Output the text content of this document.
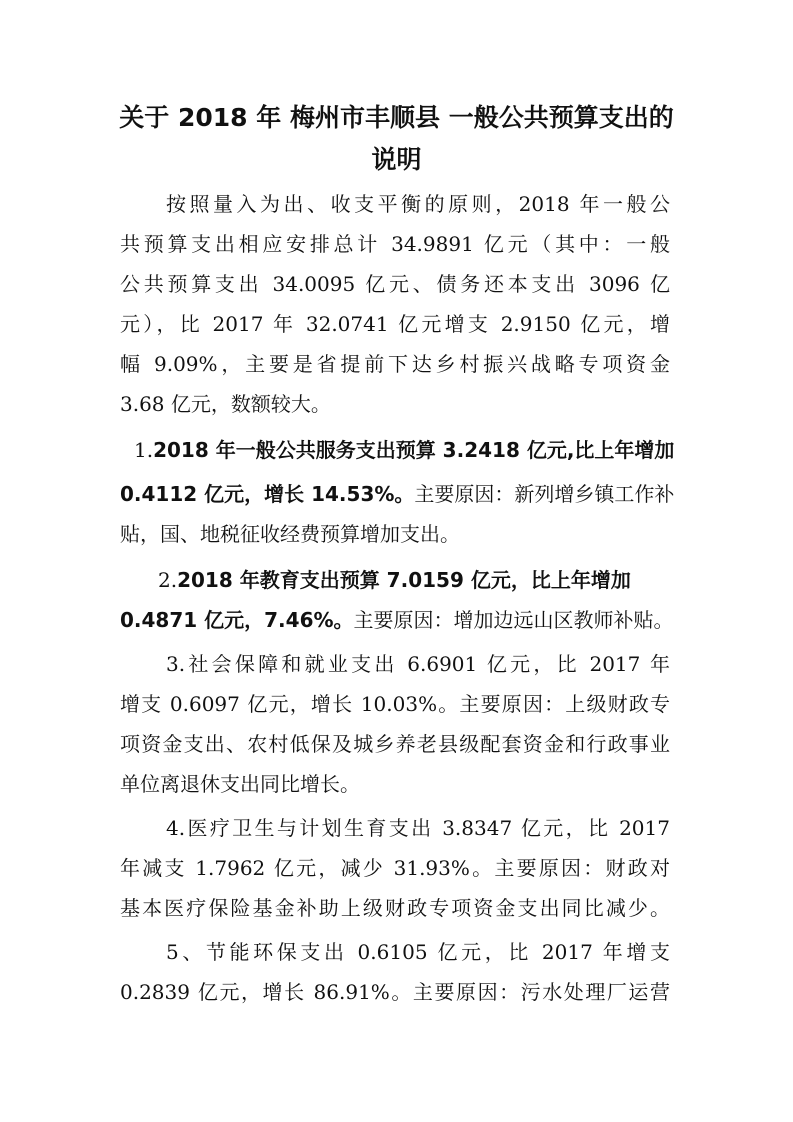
关于 2018 年 梅州市丰顺县 一般公共预算支出的
说明
按照量入为出、收支平衡的原则，2018 年一般公
共预算支出相应安排总计 34.9891 亿元（其中：一般
公共预算支出 34.0095 亿元、债务还本支出 3096 亿
元），比 2017 年 32.0741 亿元增支 2.9150 亿元，增
幅 9.09%，主要是省提前下达乡村振兴战略专项资金
3.68 亿元，数额较大。
1.2018 年一般公共服务支出预算 3.2418 亿元,比上年增加
0.4112 亿元，增长 14.53%。主要原因：新列增乡镇工作补
贴，国、地税征收经费预算增加支出。
2.2018 年教育支出预算 7.0159 亿元，比上年增加
0.4871 亿元，7.46%。主要原因：增加边远山区教师补贴。
3.社会保障和就业支出 6.6901 亿元，比 2017 年
增支 0.6097 亿元，增长 10.03%。主要原因：上级财政专
项资金支出、农村低保及城乡养老县级配套资金和行政事业
单位离退休支出同比增长。
4.医疗卫生与计划生育支出 3.8347 亿元，比 2017
年减支 1.7962 亿元，减少 31.93%。主要原因：财政对
基本医疗保险基金补助上级财政专项资金支出同比减少。
5、节能环保支出 0.6105 亿元，比 2017 年增支
0.2839 亿元，增长 86.91%。主要原因：污水处理厂运营
